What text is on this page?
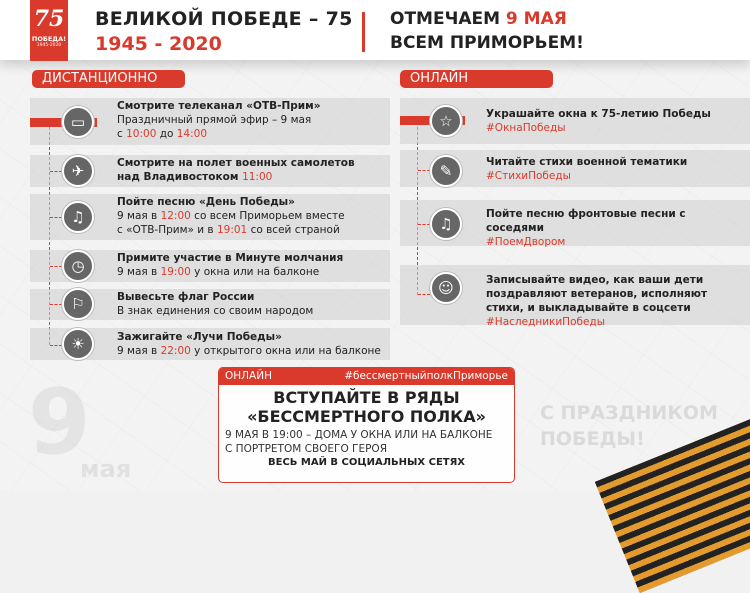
9
мая
75
ПОБЕДА!
1945-2020
ВЕЛИКОЙ ПОБЕДЕ – 75
1945 - 2020
ОТМЕЧАЕМ 9 МАЯ
ВСЕМ ПРИМОРЬЕМ!
ДИСТАНЦИОННО	ОНЛАЙН
▭
✈
♫
◷
⚐
☀
Смотрите телеканал «ОТВ-Прим»
Праздничный прямой эфир – 9 мая
с 10:00 до 14:00
Смотрите на полет военных самолетов
над Владивостоком 11:00
Пойте песню «День Победы»
9 мая в 12:00 со всем Приморьем вместе
с «ОТВ-Прим» и в 19:01 со всей страной
Примите участие в Минуте молчания
9 мая в 19:00 у окна или на балконе
Вывесьте флаг России
В знак единения со своим народом
Зажигайте «Лучи Победы»
9 мая в 22:00 у открытого окна или на балконе
☆
✎
♫
☺
Украшайте окна к 75-летию Победы
#ОкнаПобеды
Читайте стихи военной тематики
#СтихиПобеды
Пойте песню фронтовые песни с
соседями
#ПоемДвором
Записывайте видео, как ваши дети
поздравляют ветеранов, исполняют
стихи, и выкладывайте в соцсети
#НаследникиПобеды
ОНЛАЙН	#бессмертныйполкПриморье
ВСТУПАЙТЕ В РЯДЫ
«БЕССМЕРТНОГО ПОЛКА»
9 МАЯ В 19:00 – ДОМА У ОКНА ИЛИ НА БАЛКОНЕ
С ПОРТРЕТОМ СВОЕГО ГЕРОЯ
ВЕСЬ МАЙ В СОЦИАЛЬНЫХ СЕТЯХ
С ПРАЗДНИКОМ
ПОБЕДЫ!
